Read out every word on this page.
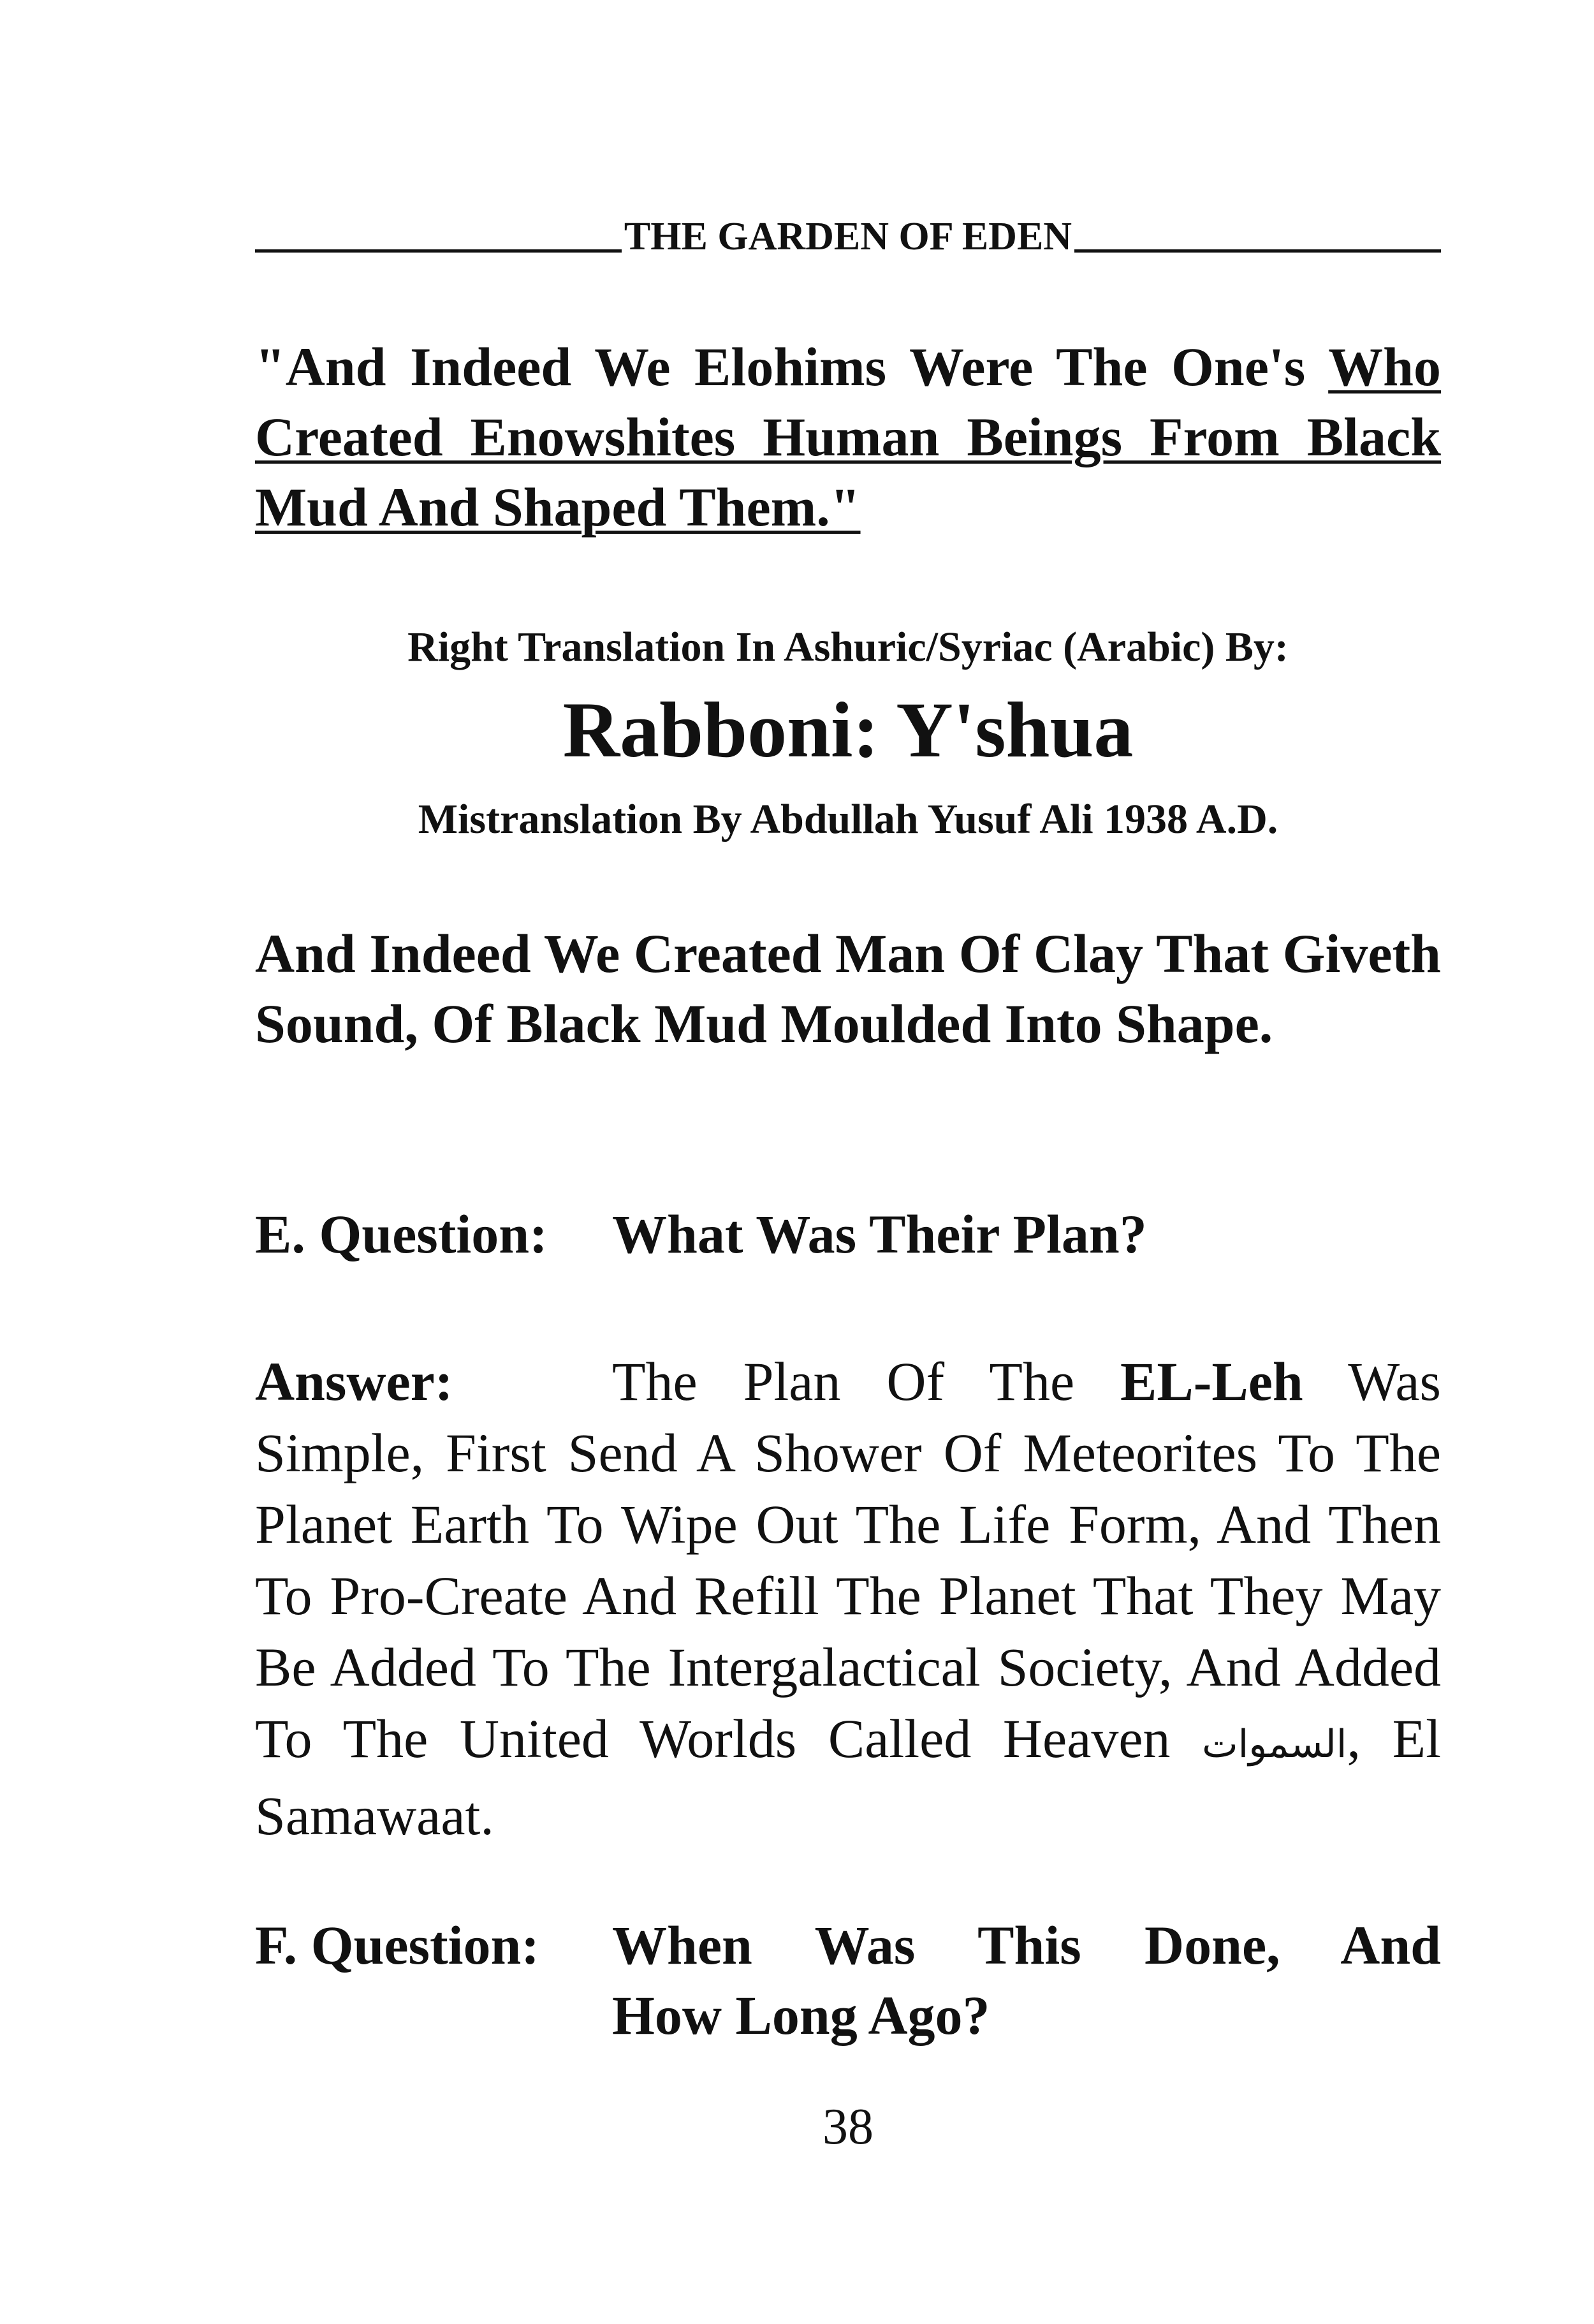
THE GARDEN OF EDEN
"And Indeed We Elohims Were The One's Who Created Enowshites Human Beings From Black Mud And Shaped Them."
Right Translation In Ashuric/Syriac (Arabic) By:
Rabboni: Y'shua
Mistranslation By Abdullah Yusuf Ali 1938 A.D.
And Indeed We Created Man Of Clay That Giveth Sound, Of Black Mud Moulded Into Shape.
E. Question: What Was Their Plan?
Answer:	The Plan Of The EL-Leh Was Simple, First Send A Shower Of Meteorites To The Planet Earth To Wipe Out The Life Form, And Then To Pro-Create And Refill The Planet That They May Be Added To The Intergalactical Society, And Added To The United Worlds Called Heaven السموات, El Samawaat.
F. Question:	When Was This Done, And
How Long Ago?
38
